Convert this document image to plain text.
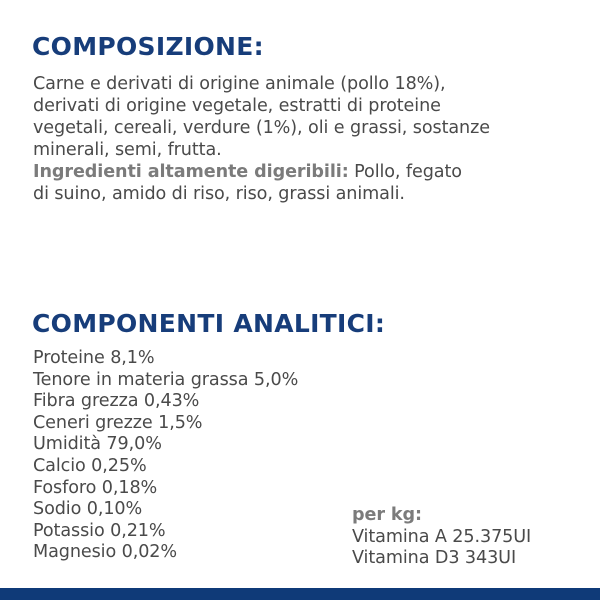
COMPOSIZIONE:

Carne e derivati di origine animale (pollo 18%),
derivati di origine vegetale, estratti di proteine
vegetali, cereali, verdure (1%), oli e grassi, sostanze
minerali, semi, frutta.
Ingredienti altamente digeribili: Pollo, fegato
di suino, amido di riso, riso, grassi animali.

COMPONENTI ANALITICI:
Proteine 8,1%
Tenore in materia grassa 5,0%
Fibra grezza 0,43%
Ceneri grezze 1,5%
Umidità 79,0%
Calcio 0,25%
Fosforo 0,18%
Sodio 0,10%
Potassio 0,21%
Magnesio 0,02%
per kg:
Vitamina A 25.375UI
Vitamina D3 343UI
